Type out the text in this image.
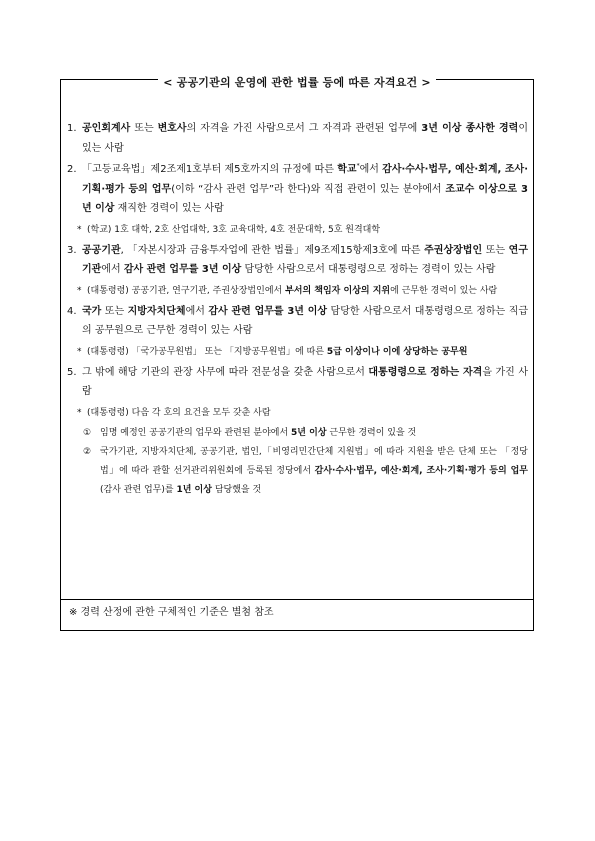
< 공공기관의 운영에 관한 법률 등에 따른 자격요건 >
1. 공인회계사 또는 변호사의 자격을 가진 사람으로서 그 자격과 관련된 업무에 3년 이상 종사한 경력이 있는 사람
2. 「고등교육법」제2조제1호부터 제5호까지의 규정에 따른 학교*에서 감사·수사·법무, 예산·회계, 조사·기획·평가 등의 업무(이하 “감사 관련 업무”라 한다)와 직접 관련이 있는 분야에서 조교수 이상으로 3년 이상 재직한 경력이 있는 사람
* (학교) 1호 대학, 2호 산업대학, 3호 교육대학, 4호 전문대학, 5호 원격대학
3. 공공기관, 「자본시장과 금융투자업에 관한 법률」제9조제15항제3호에 따른 주권상장법인 또는 연구기관에서 감사 관련 업무를 3년 이상 담당한 사람으로서 대통령령으로 정하는 경력이 있는 사람
* (대통령령) 공공기관, 연구기관, 주권상장법인에서 부서의 책임자 이상의 지위에 근무한 경력이 있는 사람
4. 국가 또는 지방자치단체에서 감사 관련 업무를 3년 이상 담당한 사람으로서 대통령령으로 정하는 직급의 공무원으로 근무한 경력이 있는 사람
* (대통령령) 「국가공무원법」 또는 「지방공무원법」에 따른 5급 이상이나 이에 상당하는 공무원
5. 그 밖에 해당 기관의 관장 사무에 따라 전문성을 갖춘 사람으로서 대통령령으로 정하는 자격을 가진 사람
* (대통령령) 다음 각 호의 요건을 모두 갖춘 사람
① 임명 예정인 공공기관의 업무와 관련된 분야에서 5년 이상 근무한 경력이 있을 것
② 국가기관, 지방자치단체, 공공기관, 법인,「비영리민간단체 지원법」에 따라 지원을 받은 단체 또는 「정당법」에 따라 관할 선거관리위원회에 등록된 정당에서 감사·수사·법무, 예산·회계, 조사·기획·평가 등의 업무(감사 관련 업무)를 1년 이상 담당했을 것
※ 경력 산정에 관한 구체적인 기준은 별첨 참조
